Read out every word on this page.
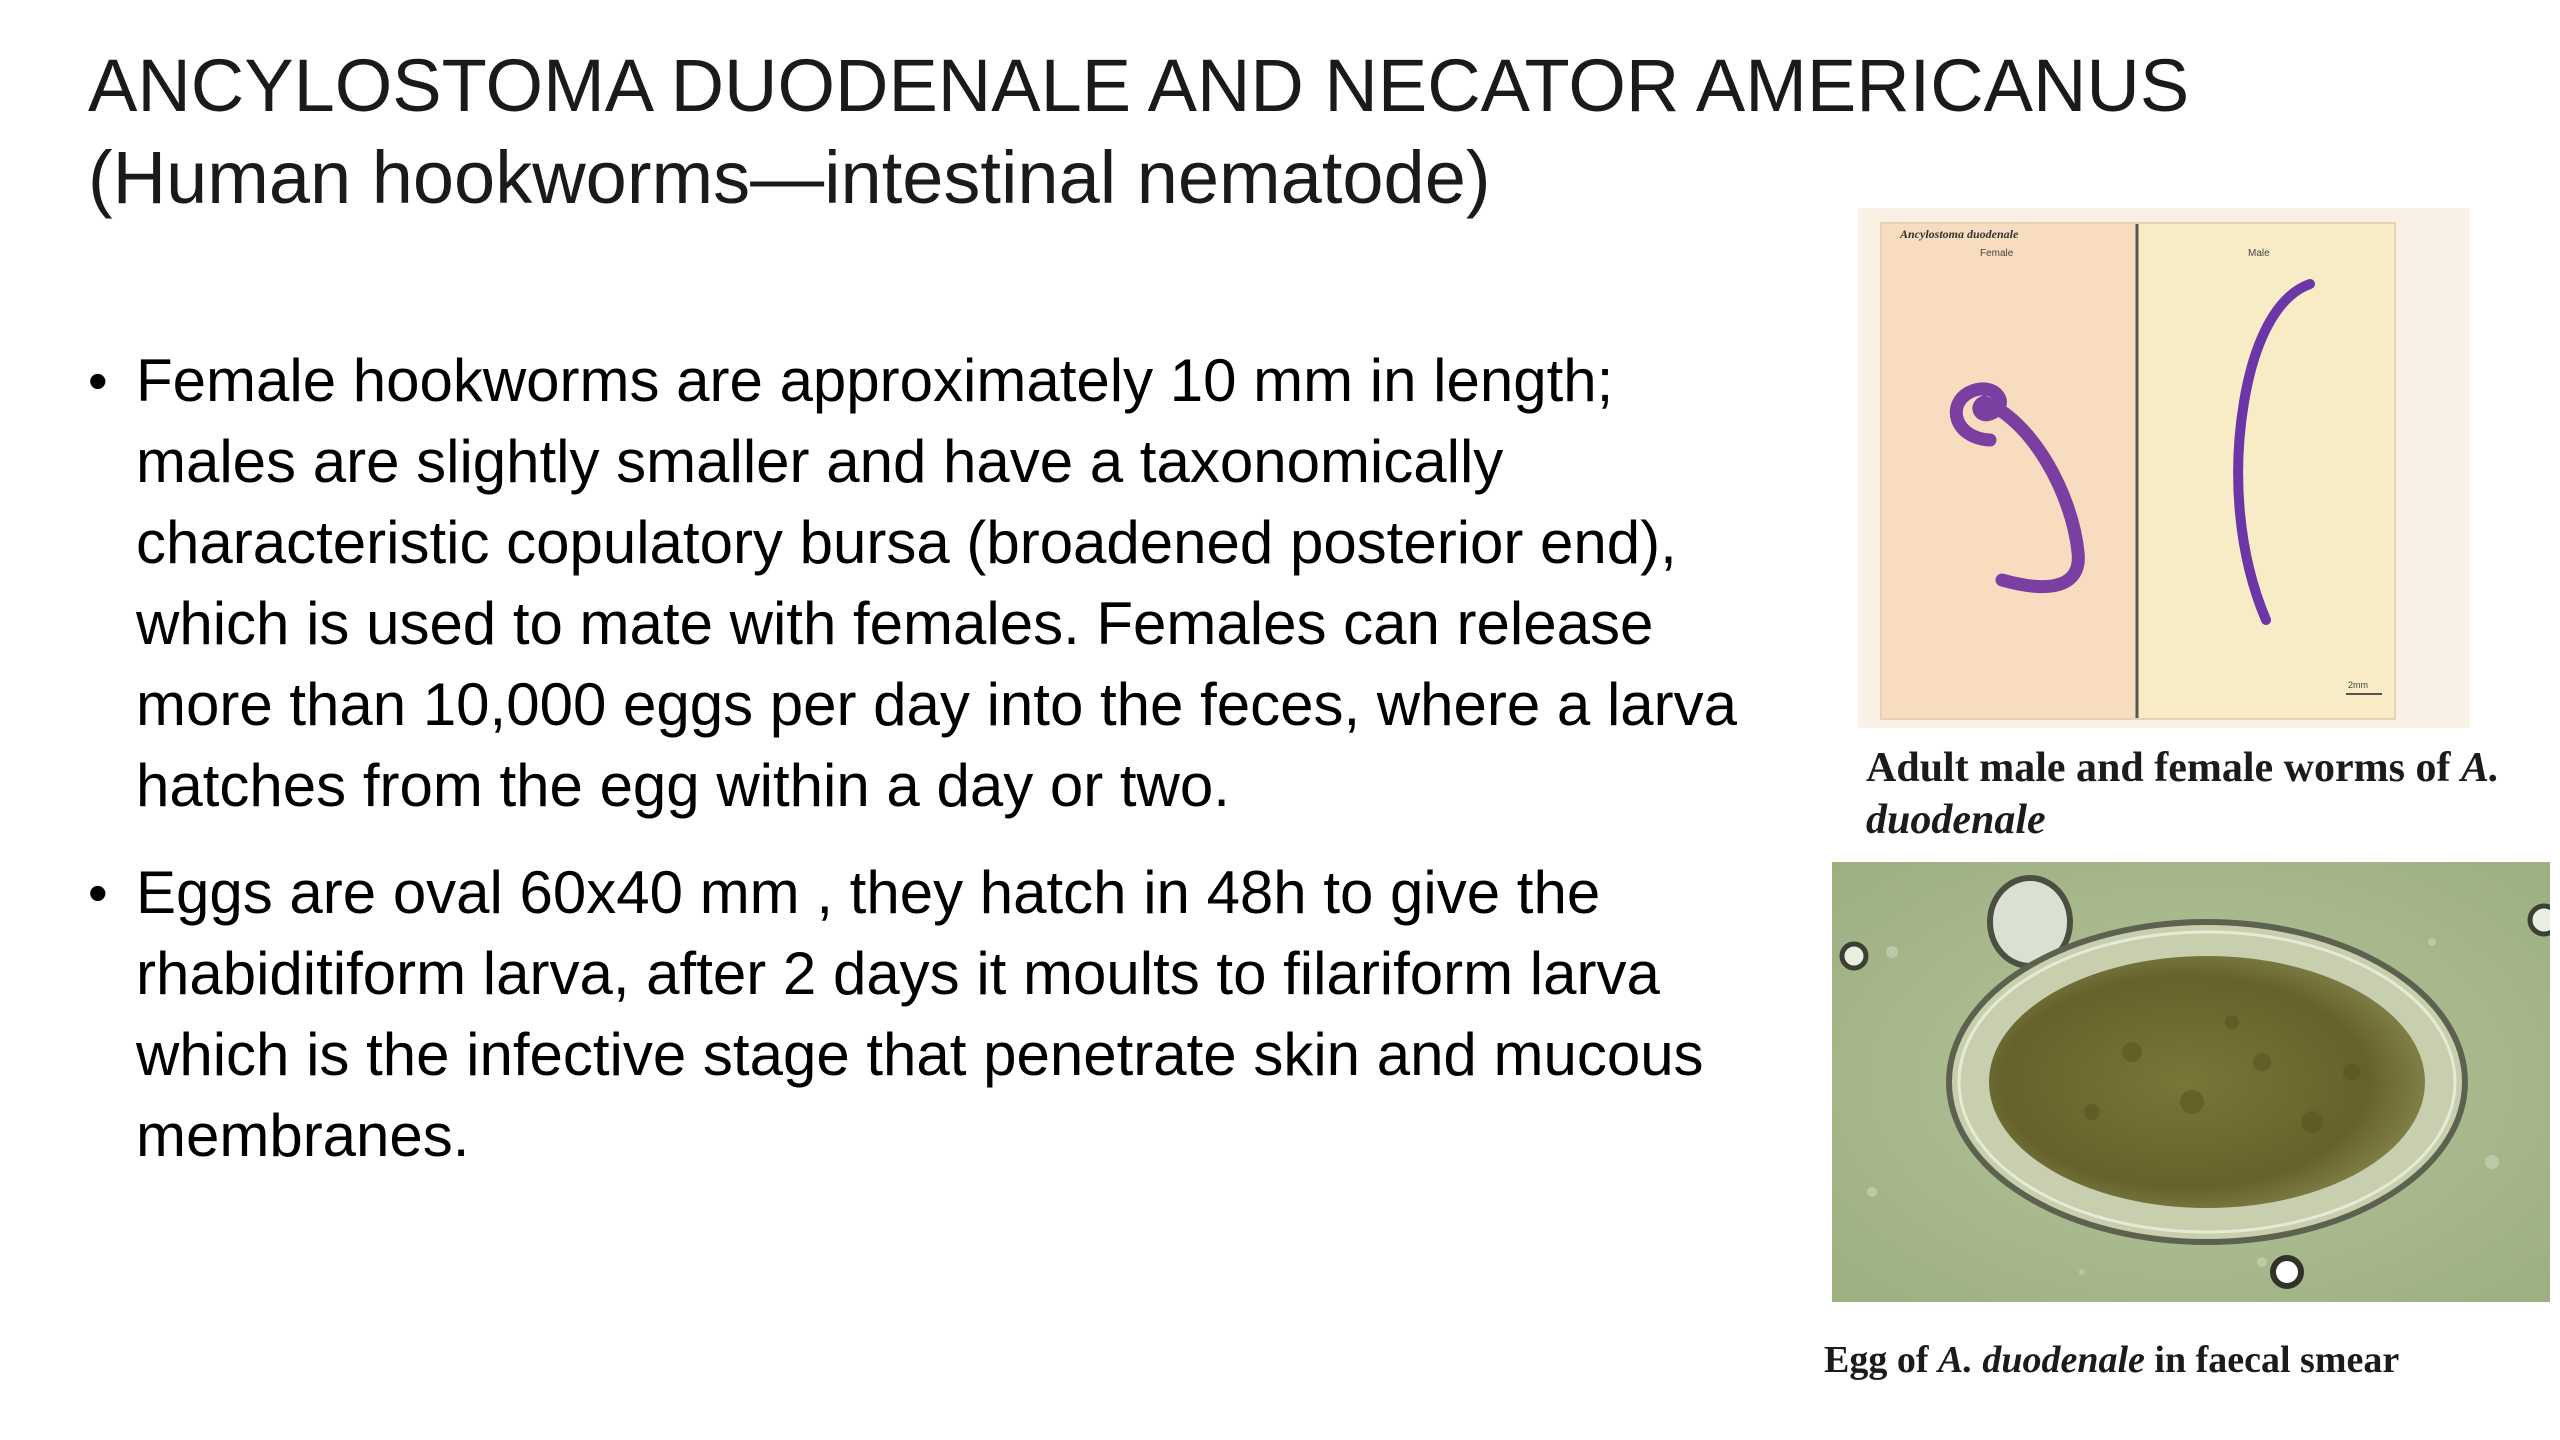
ANCYLOSTOMA DUODENALE AND NECATOR AMERICANUS (Human hookworms—intestinal nematode)
• Female hookworms are approximately 10 mm in length; males are slightly smaller and have a taxonomically characteristic copulatory bursa (broadened posterior end), which is used to mate with females. Females can release more than 10,000 eggs per day into the feces, where a larva hatches from the egg within a day or two.
• Eggs are oval 60x40 mm , they hatch in 48h to give the rhabiditiform larva, after 2 days it moults to filariform larva which is the infective stage that penetrate skin and mucous membranes.
Ancylostoma duodenale
Female	Male
2mm
Adult male and female worms of A. duodenale
Egg of A. duodenale in faecal smear
